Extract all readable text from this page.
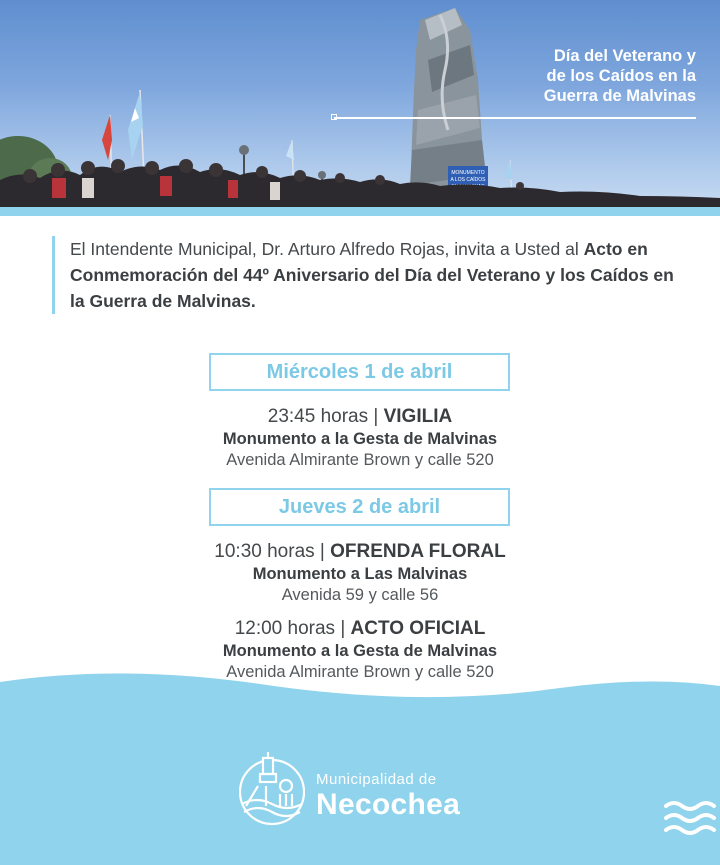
MONUMENTO
A LOS CAÍDOS
Día del Veterano y
de los Caídos en la
Guerra de Malvinas
El Intendente Municipal, Dr. Arturo Alfredo Rojas, invita a Usted al Acto en Conmemoración del 44º Aniversario del Día del Veterano y los Caídos en la Guerra de Malvinas.
Miércoles 1 de abril
23:45 horas | VIGILIA
Monumento a la Gesta de Malvinas
Avenida Almirante Brown y calle 520
Jueves 2 de abril
10:30 horas | OFRENDA FLORAL
Monumento a Las Malvinas
Avenida 59 y calle 56
12:00 horas | ACTO OFICIAL
Monumento a la Gesta de Malvinas
Avenida Almirante Brown y calle 520
Municipalidad de
Necochea
